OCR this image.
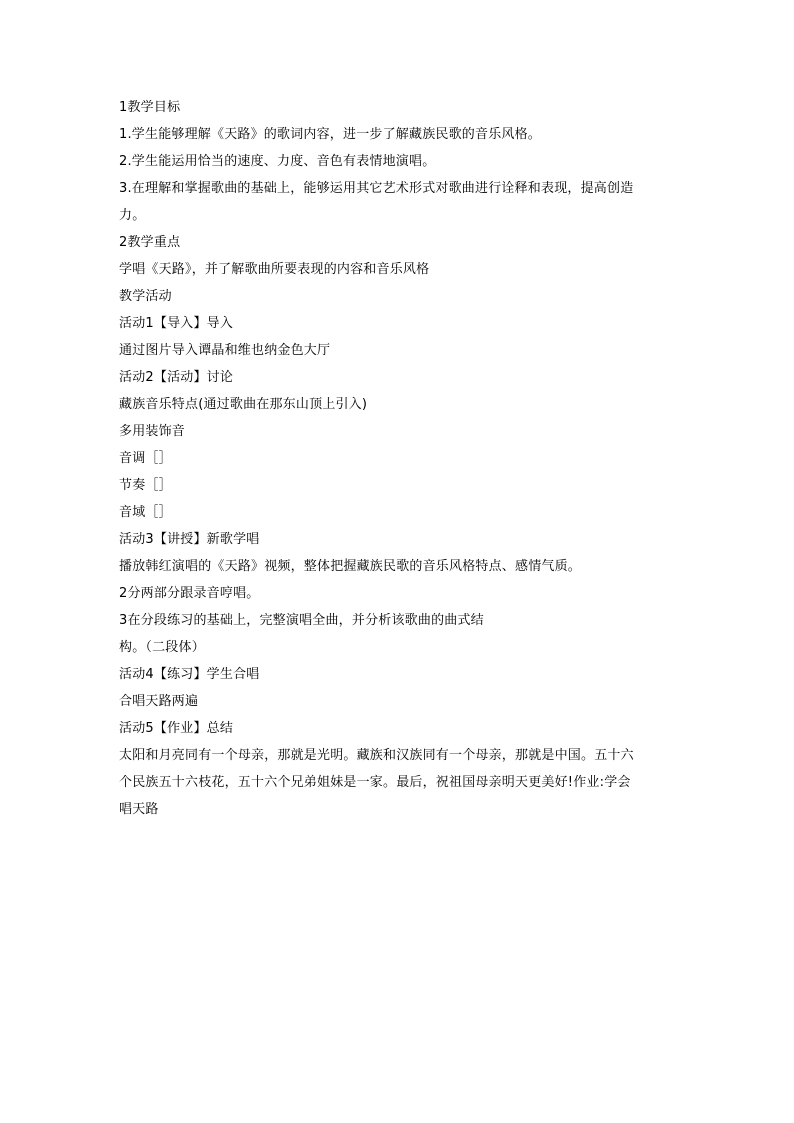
1教学目标
1.学生能够理解《天路》的歌词内容，进一步了解藏族民歌的音乐风格。
2.学生能运用恰当的速度、力度、音色有表情地演唱。
3.在理解和掌握歌曲的基础上，能够运用其它艺术形式对歌曲进行诠释和表现，提高创造
力。
2教学重点
学唱《天路》，并了解歌曲所要表现的内容和音乐风格
教学活动
活动1【导入】导入
通过图片导入谭晶和维也纳金色大厅
活动2【活动】讨论
藏族音乐特点(通过歌曲在那东山顶上引入)
多用装饰音
音调［］
节奏［］
音域［］
活动3【讲授】新歌学唱
播放韩红演唱的《天路》视频，整体把握藏族民歌的音乐风格特点、感情气质。
2分两部分跟录音哼唱。
3在分段练习的基础上，完整演唱全曲，并分析该歌曲的曲式结
构。（二段体）
活动4【练习】学生合唱
合唱天路两遍
活动5【作业】总结
太阳和月亮同有一个母亲，那就是光明。藏族和汉族同有一个母亲，那就是中国。五十六
个民族五十六枝花，五十六个兄弟姐妹是一家。最后，祝祖国母亲明天更美好!作业:学会
唱天路
